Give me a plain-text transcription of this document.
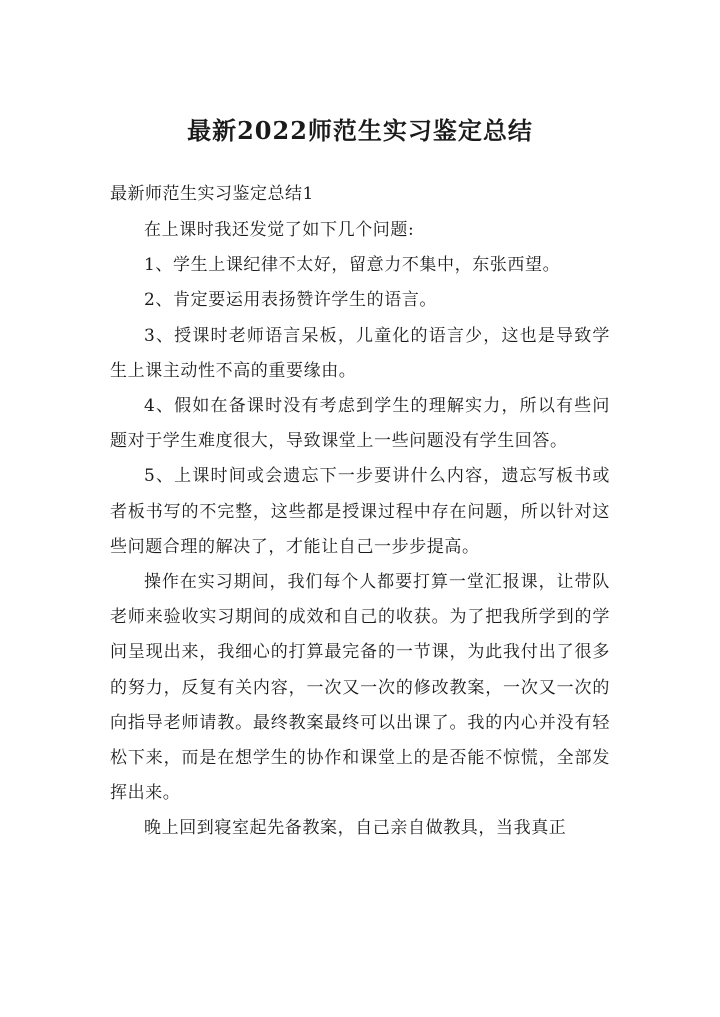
最新2022师范生实习鉴定总结
最新师范生实习鉴定总结1

在上课时我还发觉了如下几个问题:

1、学生上课纪律不太好，留意力不集中，东张西望。

2、肯定要运用表扬赞许学生的语言。

3、授课时老师语言呆板，儿童化的语言少，这也是导致学生上课主动性不高的重要缘由。

4、假如在备课时没有考虑到学生的理解实力，所以有些问题对于学生难度很大，导致课堂上一些问题没有学生回答。

5、上课时间或会遗忘下一步要讲什么内容，遗忘写板书或者板书写的不完整，这些都是授课过程中存在问题，所以针对这些问题合理的解决了，才能让自己一步步提高。

操作在实习期间，我们每个人都要打算一堂汇报课，让带队老师来验收实习期间的成效和自己的收获。为了把我所学到的学问呈现出来，我细心的打算最完备的一节课，为此我付出了很多的努力，反复有关内容，一次又一次的修改教案，一次又一次的向指导老师请教。最终教案最终可以出课了。我的内心并没有轻松下来，而是在想学生的协作和课堂上的是否能不惊慌，全部发挥出来。

晚上回到寝室起先备教案，自己亲自做教具，当我真正
